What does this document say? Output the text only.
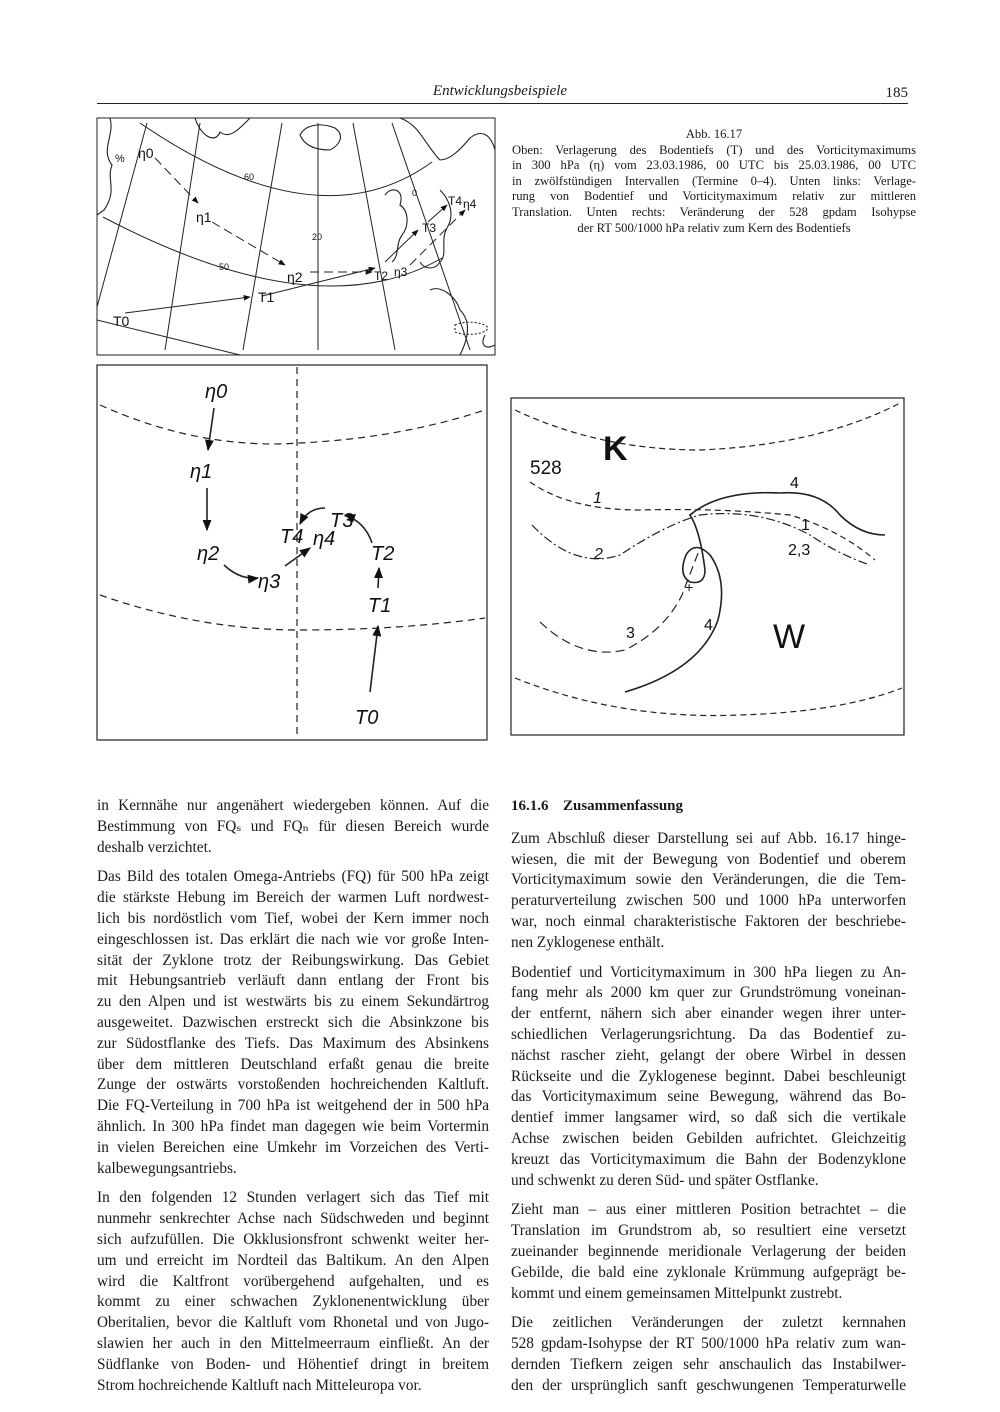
Entwicklungsbeispiele	185
Abb. 16.17
Oben: Verlagerung des Bodentiefs (T) und des Vorticitymaximums
in 300 hPa (η) vom 23.03.1986, 00 UTC bis 25.03.1986, 00 UTC
in zwölfstündigen Intervallen (Termine 0–4). Unten links: Verlage-
rung von Bodentief und Vorticitymaximum relativ zur mittleren
Translation. Unten rechts: Veränderung der 528 gpdam Isohypse
der RT 500/1000 hPa relativ zum Kern des Bodentiefs
60
50
20
0
% η0
η1
η2	η3
η4
T0
T1
T2
T3
T4
η0
η1
η2
η3
η4
T0
T1
T2
T3
T4
528
K
W
+
1
2
3	4
4
1
2,3
in Kernnähe nur angenähert wiedergeben können. Auf die
Bestimmung von FQₛ und FQₙ für diesen Bereich wurde
deshalb verzichtet.
Das Bild des totalen Omega-Antriebs (FQ) für 500 hPa zeigt
die stärkste Hebung im Bereich der warmen Luft nordwest-
lich bis nordöstlich vom Tief, wobei der Kern immer noch
eingeschlossen ist. Das erklärt die nach wie vor große Inten-
sität der Zyklone trotz der Reibungswirkung. Das Gebiet
mit Hebungsantrieb verläuft dann entlang der Front bis
zu den Alpen und ist westwärts bis zu einem Sekundärtrog
ausgeweitet. Dazwischen erstreckt sich die Absinkzone bis
zur Südostflanke des Tiefs. Das Maximum des Absinkens
über dem mittleren Deutschland erfaßt genau die breite
Zunge der ostwärts vorstoßenden hochreichenden Kaltluft.
Die FQ-Verteilung in 700 hPa ist weitgehend der in 500 hPa
ähnlich. In 300 hPa findet man dagegen wie beim Vortermin
in vielen Bereichen eine Umkehr im Vorzeichen des Verti-
kalbewegungsantriebs.
In den folgenden 12 Stunden verlagert sich das Tief mit
nunmehr senkrechter Achse nach Südschweden und beginnt
sich aufzufüllen. Die Okklusionsfront schwenkt weiter her-
um und erreicht im Nordteil das Baltikum. An den Alpen
wird die Kaltfront vorübergehend aufgehalten, und es
kommt zu einer schwachen Zyklonenentwicklung über
Oberitalien, bevor die Kaltluft vom Rhonetal und von Jugo-
slawien her auch in den Mittelmeerraum einfließt. An der
Südflanke von Boden- und Höhentief dringt in breitem
Strom hochreichende Kaltluft nach Mitteleuropa vor.
16.1.6 Zusammenfassung
Zum Abschluß dieser Darstellung sei auf Abb. 16.17 hinge-
wiesen, die mit der Bewegung von Bodentief und oberem
Vorticitymaximum sowie den Veränderungen, die die Tem-
peraturverteilung zwischen 500 und 1000 hPa unterworfen
war, noch einmal charakteristische Faktoren der beschriebe-
nen Zyklogenese enthält.
Bodentief und Vorticitymaximum in 300 hPa liegen zu An-
fang mehr als 2000 km quer zur Grundströmung voneinan-
der entfernt, nähern sich aber einander wegen ihrer unter-
schiedlichen Verlagerungsrichtung. Da das Bodentief zu-
nächst rascher zieht, gelangt der obere Wirbel in dessen
Rückseite und die Zyklogenese beginnt. Dabei beschleunigt
das Vorticitymaximum seine Bewegung, während das Bo-
dentief immer langsamer wird, so daß sich die vertikale
Achse zwischen beiden Gebilden aufrichtet. Gleichzeitig
kreuzt das Vorticitymaximum die Bahn der Bodenzyklone
und schwenkt zu deren Süd- und später Ostflanke.
Zieht man – aus einer mittleren Position betrachtet – die
Translation im Grundstrom ab, so resultiert eine versetzt
zueinander beginnende meridionale Verlagerung der beiden
Gebilde, die bald eine zyklonale Krümmung aufgeprägt be-
kommt und einem gemeinsamen Mittelpunkt zustrebt.
Die zeitlichen Veränderungen der zuletzt kernnahen
528 gpdam-Isohypse der RT 500/1000 hPa relativ zum wan-
dernden Tiefkern zeigen sehr anschaulich das Instabilwer-
den der ursprünglich sanft geschwungenen Temperaturwelle
